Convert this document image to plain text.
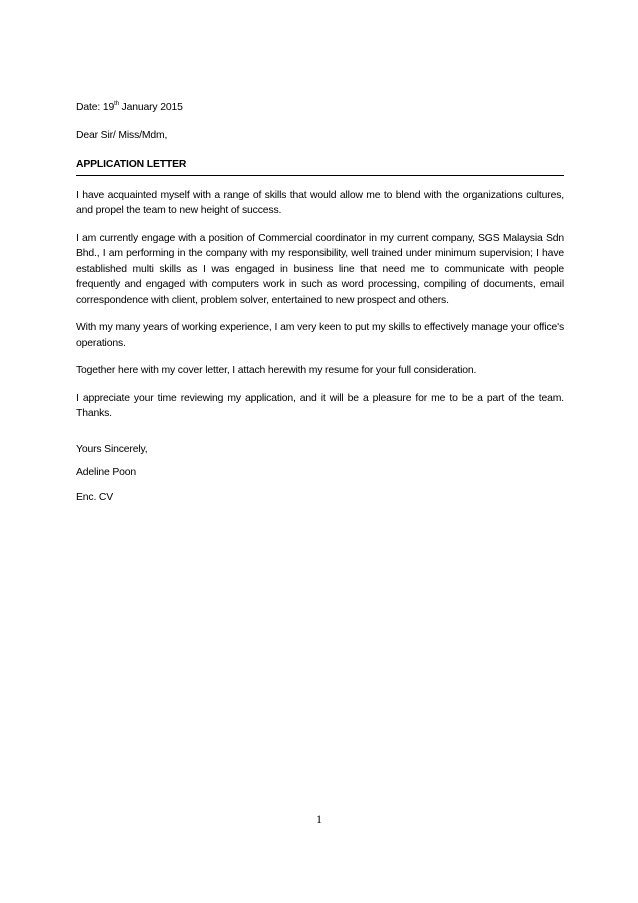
Date: 19th January 2015

Dear Sir/ Miss/Mdm,

APPLICATION LETTER

I have acquainted myself with a range of skills that would allow me to blend with the organizations cultures, and propel the team to new height of success.

I am currently engage with a position of Commercial coordinator in my current company, SGS Malaysia Sdn Bhd., I am performing in the company with my responsibility, well trained under minimum supervision; I have established multi skills as I was engaged in business line that need me to communicate with people frequently and engaged with computers work in such as word processing, compiling of documents, email correspondence with client, problem solver, entertained to new prospect and others.

With my many years of working experience, I am very keen to put my skills to effectively manage your office's operations.

Together here with my cover letter, I attach herewith my resume for your full consideration.

I appreciate your time reviewing my application, and it will be a pleasure for me to be a part of the team. Thanks.

Yours Sincerely,

Adeline Poon

Enc. CV

1
